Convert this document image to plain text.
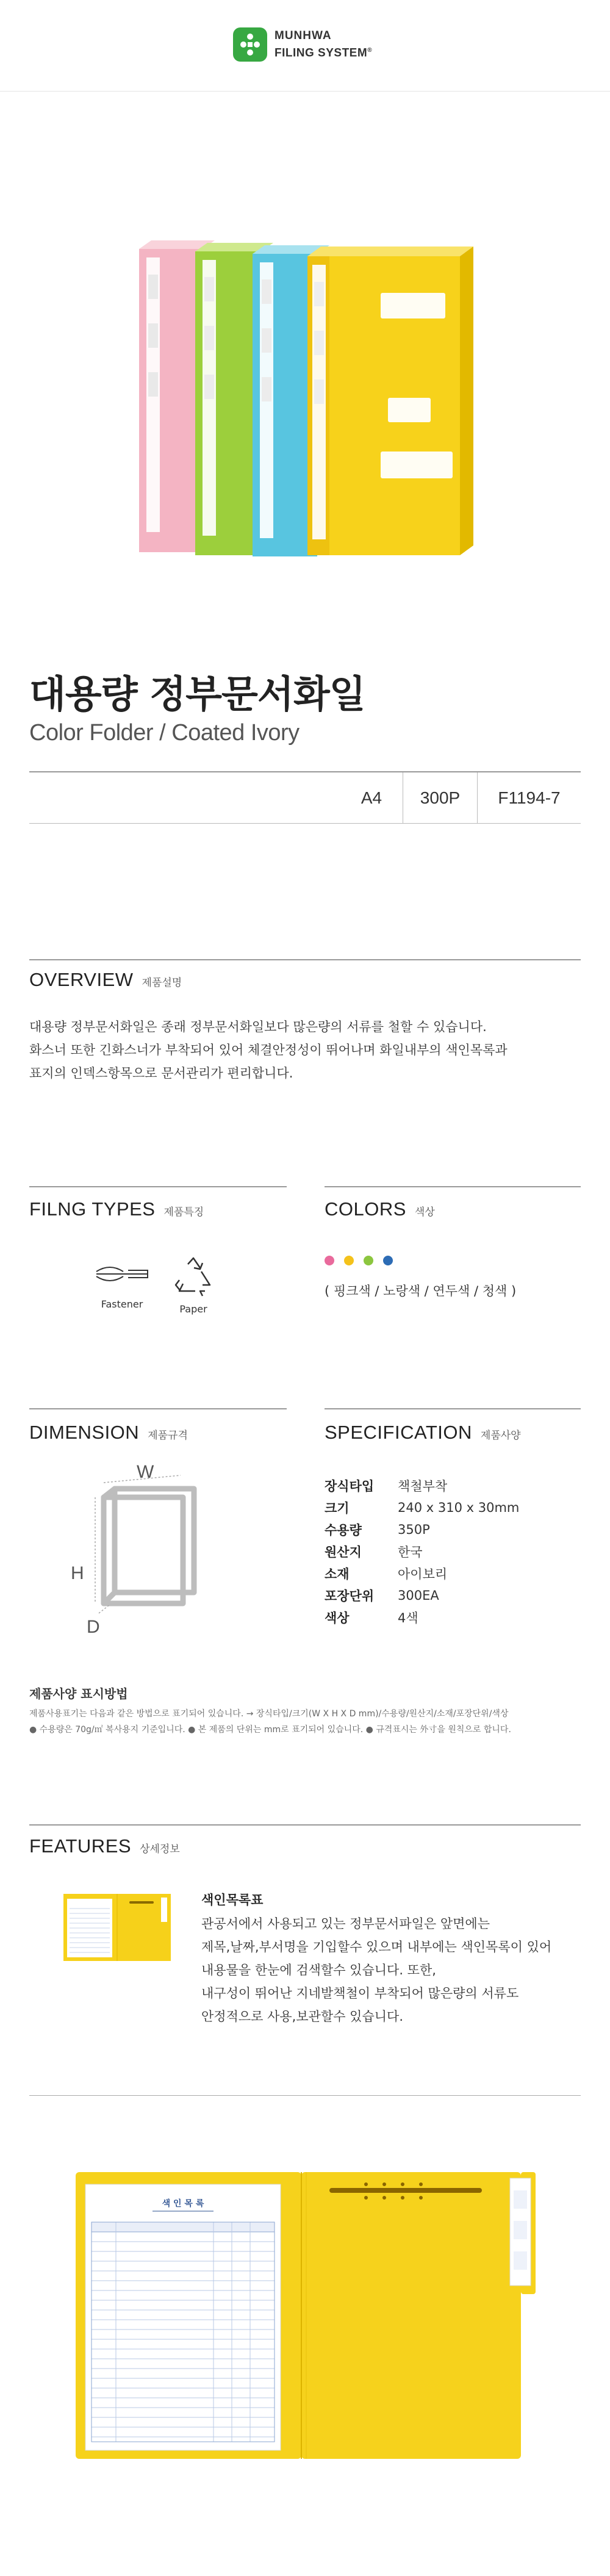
MUNHWA
FILING SYSTEM®
대용량 정부문서화일
Color Folder / Coated Ivory
A4	300P	F1194-7
OVERVIEW 제품설명
대용량 정부문서화일은 종래 정부문서화일보다 많은량의 서류를 철할 수 있습니다.
화스너 또한 긴화스너가 부착되어 있어 체결안정성이 뛰어나며 화일내부의 색인목록과
표지의 인덱스항목으로 문서관리가 편리합니다.
FILNG TYPES 제품특징
Fastener	Paper
COLORS 색상
( 핑크색 / 노랑색 / 연두색 / 청색 )
DIMENSION 제품규격
W
H
D
SPECIFICATION 제품사양
장식타입	책철부착
크기	240 x 310 x 30mm
수용량	350P
원산지	한국
소재	아이보리
포장단위	300EA
색상	4색
제품사양 표시방법
제품사용표기는 다음과 같은 방법으로 표기되어 있습니다. → 장식타입/크기(W X H X D mm)/수용량/원산지/소재/포장단위/색상
● 수용량은 70g/㎡ 복사용지 기준입니다. ● 본 제품의 단위는 mm로 표기되어 있습니다. ● 규격표시는 外寸을 원칙으로 합니다.
FEATURES 상세정보
색인목록표
관공서에서 사용되고 있는 정부문서파일은 앞면에는
제목,날짜,부서명을 기입할수 있으며 내부에는 색인목록이 있어
내용물을 한눈에 검색할수 있습니다. 또한,
내구성이 뛰어난 지네발책철이 부착되어 많은량의 서류도
안정적으로 사용,보관할수 있습니다.
색 인 목 록
